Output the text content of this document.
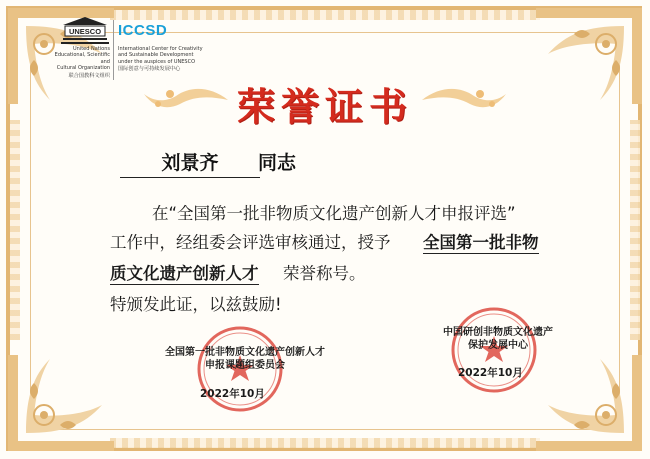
UNESCO
United Nations
Educational, Scientific and
Cultural Organization
联合国教科文组织
ICCSD
International Center for Creativity
and Sustainable Development
under the auspices of UNESCO
国际创意与可持续发展中心
荣誉证书
刘景齐	同志
在“全国第一批非物质文化遗产创新人才申报评选”
工作中，经组委会评选审核通过，授予 全国第一批非物
质文化遗产创新人才 荣誉称号。
特颁发此证，以兹鼓励!
全国第一批非物质文化遗产创新人才
申报课题组委员会
2022年10月
中国研创非物质文化遗产
保护发展中心
2022年10月
